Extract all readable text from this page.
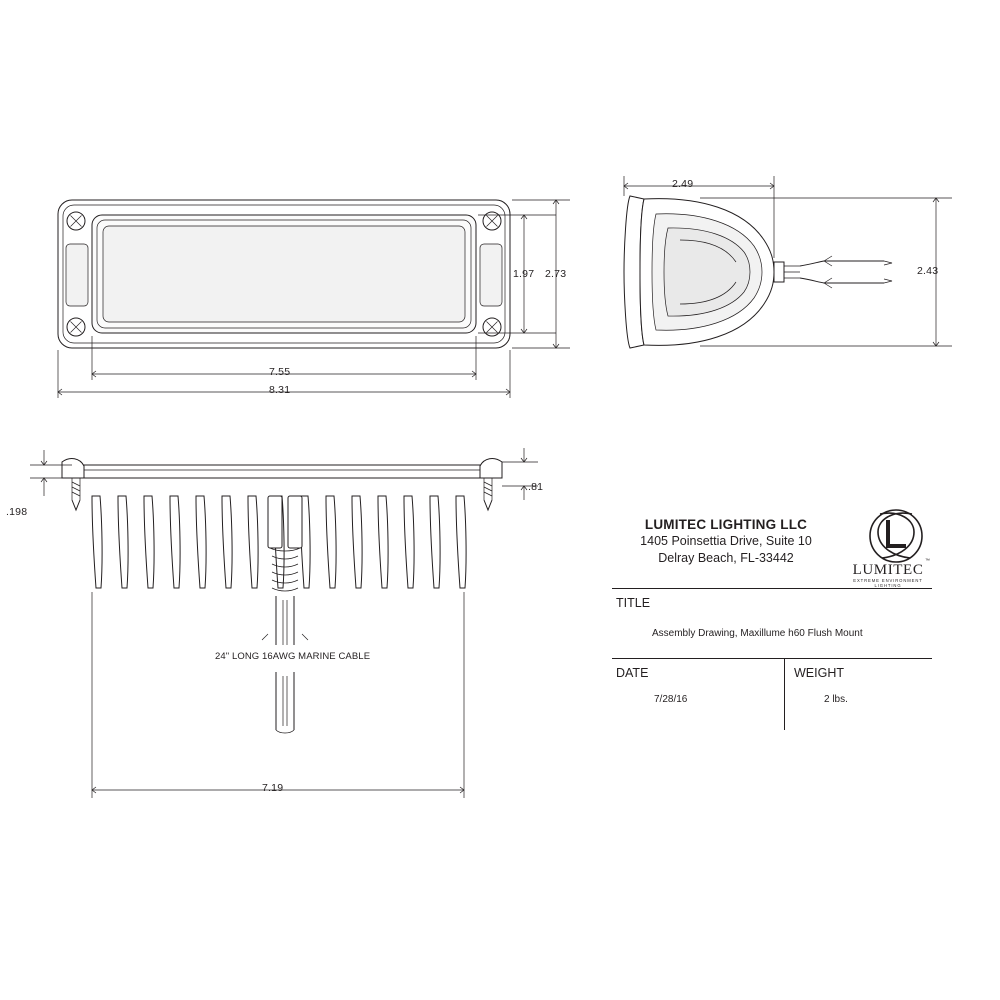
1.97 2.73
7.55
8.31
2.49
2.43
.81
.198
7.19
24" LONG 16AWG MARINE CABLE
LUMITEC LIGHTING LLC
1405 Poinsettia Drive, Suite 10
Delray Beach, FL-33442
LUMITEC
™
EXTREME ENVIRONMENT LIGHTING
TITLE
Assembly Drawing, Maxillume h60 Flush Mount
DATE
7/28/16
WEIGHT
2 lbs.
